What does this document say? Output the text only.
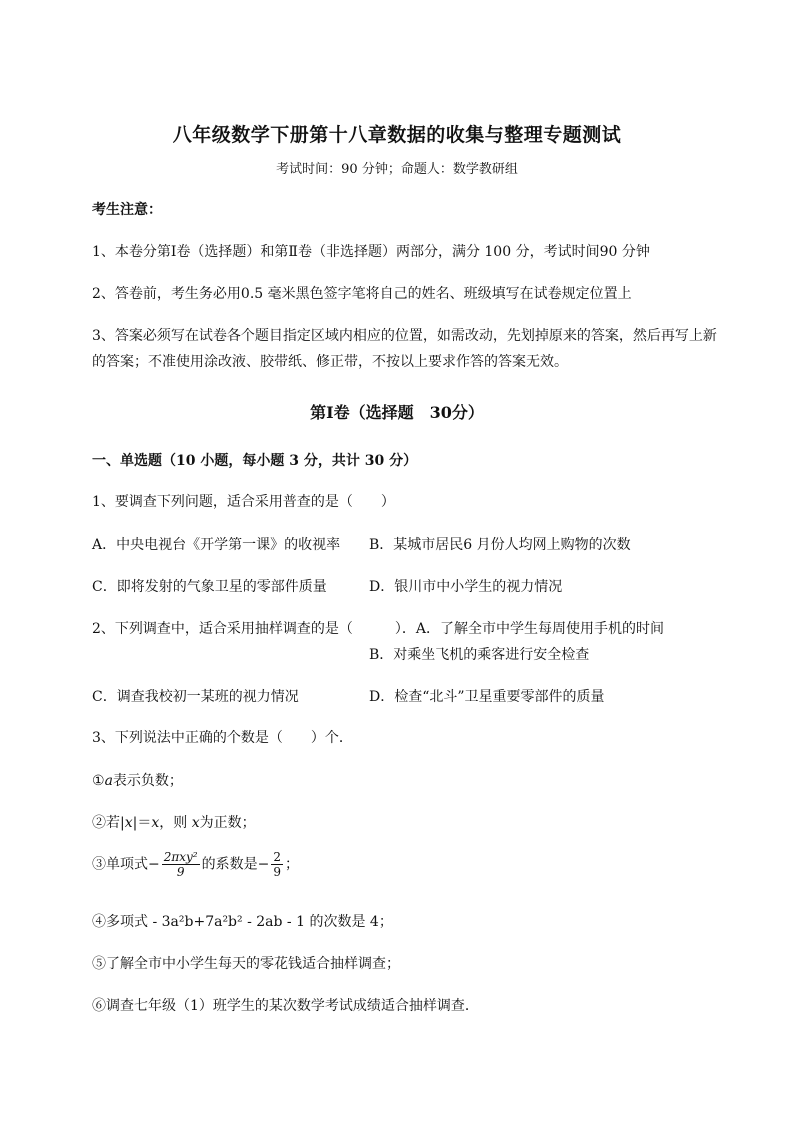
八年级数学下册第十八章数据的收集与整理专题测试
考试时间：90 分钟；命题人：数学教研组
考生注意：
1、本卷分第Ⅰ卷（选择题）和第Ⅱ卷（非选择题）两部分，满分 100 分，考试时间90 分钟
2、答卷前，考生务必用0.5 毫米黑色签字笔将自己的姓名、班级填写在试卷规定位置上
3、答案必须写在试卷各个题目指定区域内相应的位置，如需改动，先划掉原来的答案，然后再写上新
的答案；不准使用涂改液、胶带纸、修正带，不按以上要求作答的答案无效。
第Ⅰ卷（选择题　30分）
一、单选题（10 小题，每小题 3 分，共计 30 分）
1、要调查下列问题，适合采用普查的是（　　）
A．中央电视台《开学第一课》的收视率 B．某城市居民6 月份人均网上购物的次数
C．即将发射的气象卫星的零部件质量	D．银川市中小学生的视力情况
2、下列调查中，适合采用抽样调查的是（　　　）．A．了解全市中学生每周使用手机的时间
B．对乘坐飞机的乘客进行安全检查
C．调查我校初一某班的视力情况	D．检查“北斗”卫星重要零部件的质量
3、下列说法中正确的个数是（　　）个．
①a表示负数；
②若|x|＝x，则 x为正数；
③单项式− $\frac{\text{2πxy²}}{9}$ 的系数是− $\frac{2}{9}$ ；
④多项式 - 3a²b+7a²b² - 2ab - 1 的次数是 4；
⑤了解全市中小学生每天的零花钱适合抽样调查；
⑥调查七年级（1）班学生的某次数学考试成绩适合抽样调查．
